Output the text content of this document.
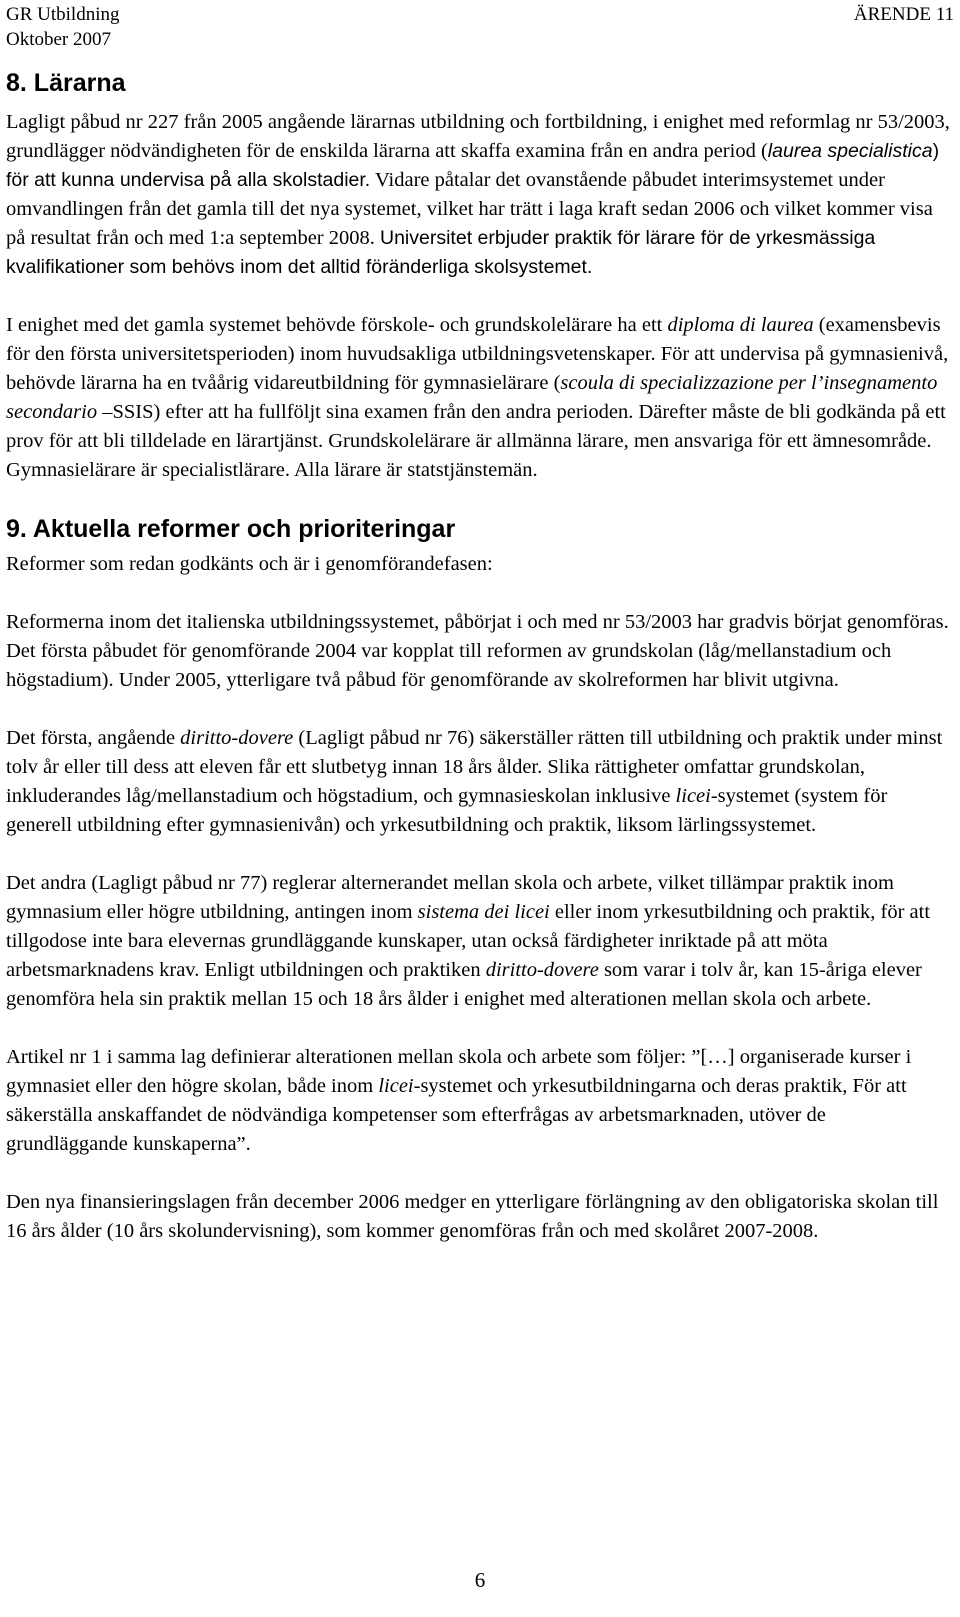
GR Utbildning
Oktober 2007
ÄRENDE 11
8. Lärarna

Lagligt påbud nr 227 från 2005 angående lärarnas utbildning och fortbildning, i enighet med reformlag nr 53/2003, grundlägger nödvändigheten för de enskilda lärarna att skaffa examina från en andra period (laurea specialistica) för att kunna undervisa på alla skolstadier. Vidare påtalar det ovanstående påbudet interimsystemet under omvandlingen från det gamla till det nya systemet, vilket har trätt i laga kraft sedan 2006 och vilket kommer visa på resultat från och med 1:a september 2008. Universitet erbjuder praktik för lärare för de yrkesmässiga kvalifikationer som behövs inom det alltid föränderliga skolsystemet.

I enighet med det gamla systemet behövde förskole- och grundskolelärare ha ett diploma di laurea (examensbevis för den första universitetsperioden) inom huvudsakliga utbildningsvetenskaper. För att undervisa på gymnasienivå, behövde lärarna ha en tvåårig vidareutbildning för gymnasielärare (scoula di specializzazione per l’insegnamento secondario –SSIS) efter att ha fullföljt sina examen från den andra perioden. Därefter måste de bli godkända på ett prov för att bli tilldelade en lärartjänst. Grundskolelärare är allmänna lärare, men ansvariga för ett ämnesområde. Gymnasielärare är specialistlärare. Alla lärare är statstjänstemän.

9. Aktuella reformer och prioriteringar

Reformer som redan godkänts och är i genomförandefasen:

Reformerna inom det italienska utbildningssystemet, påbörjat i och med nr 53/2003 har gradvis börjat genomföras. Det första påbudet för genomförande 2004 var kopplat till reformen av grundskolan (låg/mellanstadium och högstadium). Under 2005, ytterligare två påbud för genomförande av skolreformen har blivit utgivna.

Det första, angående diritto-dovere (Lagligt påbud nr 76) säkerställer rätten till utbildning och praktik under minst tolv år eller till dess att eleven får ett slutbetyg innan 18 års ålder. Slika rättigheter omfattar grundskolan, inkluderandes låg/mellanstadium och högstadium, och gymnasieskolan inklusive licei-systemet (system för generell utbildning efter gymnasienivån) och yrkesutbildning och praktik, liksom lärlingssystemet.

Det andra (Lagligt påbud nr 77) reglerar alternerandet mellan skola och arbete, vilket tillämpar praktik inom gymnasium eller högre utbildning, antingen inom sistema dei licei eller inom yrkesutbildning och praktik, för att tillgodose inte bara elevernas grundläggande kunskaper, utan också färdigheter inriktade på att möta arbetsmarknadens krav. Enligt utbildningen och praktiken diritto-dovere som varar i tolv år, kan 15-åriga elever genomföra hela sin praktik mellan 15 och 18 års ålder i enighet med alterationen mellan skola och arbete.

Artikel nr 1 i samma lag definierar alterationen mellan skola och arbete som följer: ”[…] organiserade kurser i gymnasiet eller den högre skolan, både inom licei-systemet och yrkesutbildningarna och deras praktik, För att säkerställa anskaffandet de nödvändiga kompetenser som efterfrågas av arbetsmarknaden, utöver de grundläggande kunskaperna”.

Den nya finansieringslagen från december 2006 medger en ytterligare förlängning av den obligatoriska skolan till 16 års ålder (10 års skolundervisning), som kommer genomföras från och med skolåret 2007-2008.

6
